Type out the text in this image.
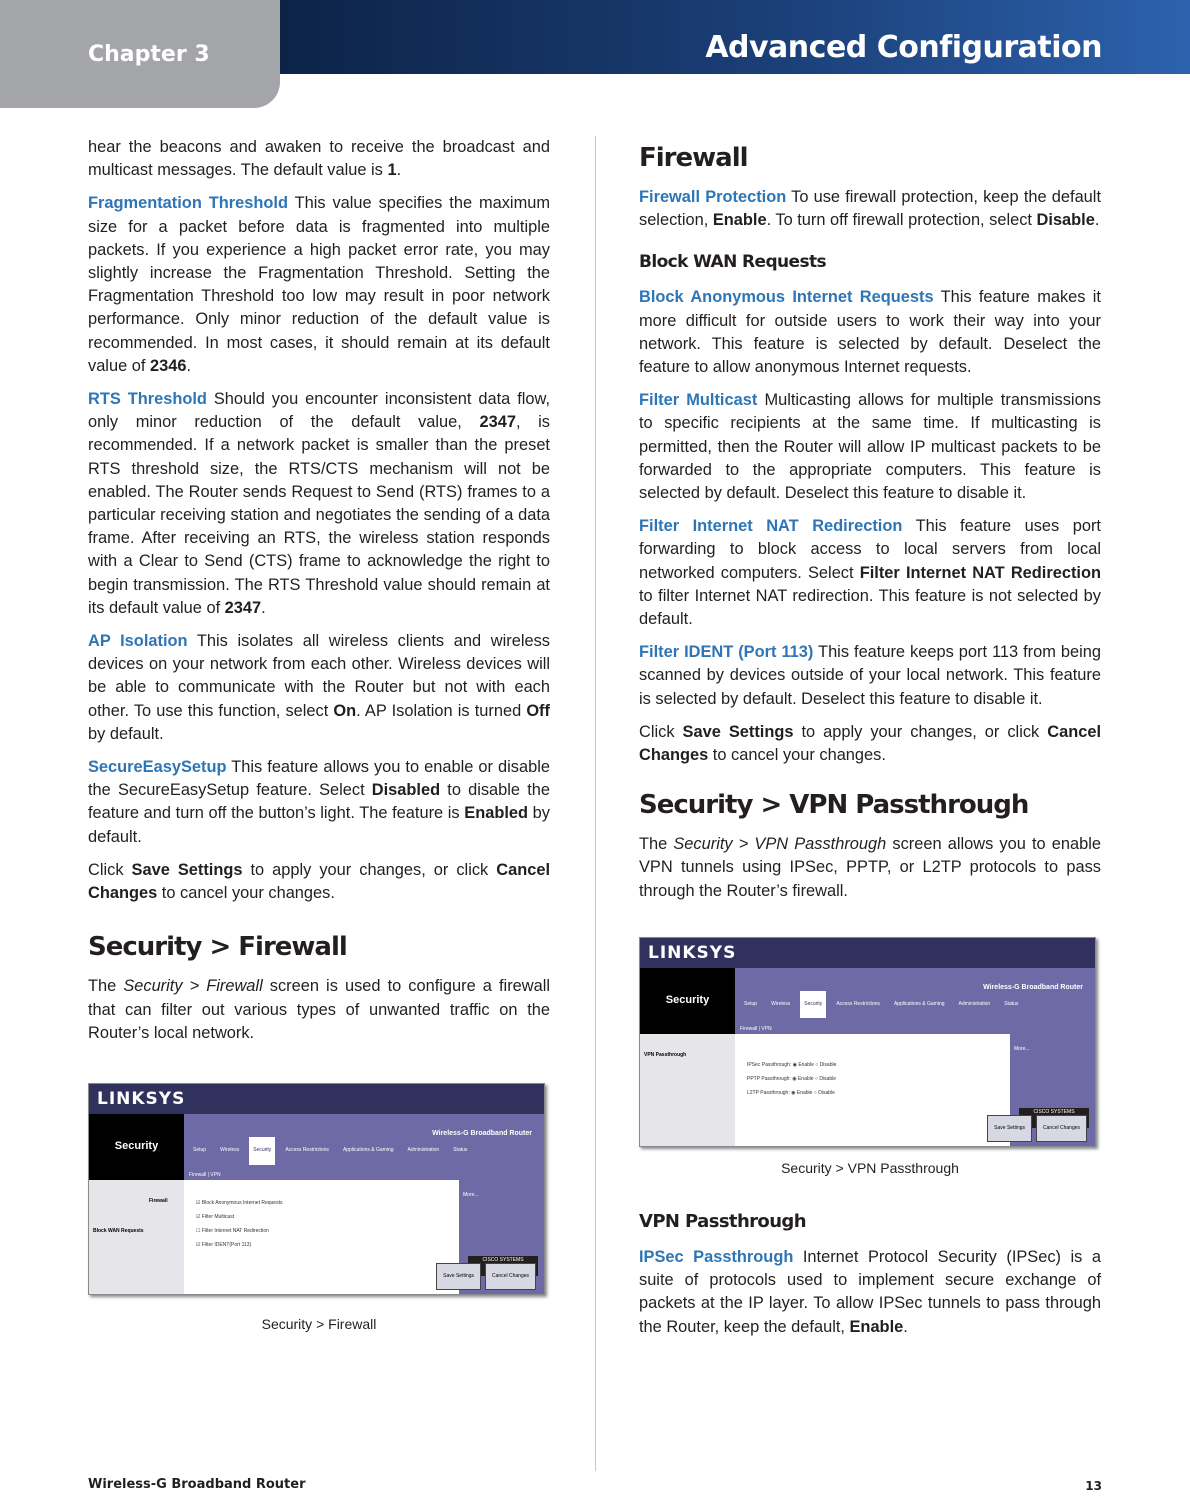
Chapter 3	Advanced Configuration

hear the beacons and awaken to receive the broadcast and multicast messages. The default value is 1.

Fragmentation Threshold This value specifies the maximum size for a packet before data is fragmented into multiple packets. If you experience a high packet error rate, you may slightly increase the Fragmentation Threshold. Setting the Fragmentation Threshold too low may result in poor network performance. Only minor reduction of the default value is recommended. In most cases, it should remain at its default value of 2346.

RTS Threshold Should you encounter inconsistent data flow, only minor reduction of the default value, 2347, is recommended. If a network packet is smaller than the preset RTS threshold size, the RTS/CTS mechanism will not be enabled. The Router sends Request to Send (RTS) frames to a particular receiving station and negotiates the sending of a data frame. After receiving an RTS, the wireless station responds with a Clear to Send (CTS) frame to acknowledge the right to begin transmission. The RTS Threshold value should remain at its default value of 2347.

AP Isolation This isolates all wireless clients and wireless devices on your network from each other. Wireless devices will be able to communicate with the Router but not with each other. To use this function, select On. AP Isolation is turned Off by default.

SecureEasySetup This feature allows you to enable or disable the SecureEasySetup feature. Select Disabled to disable the feature and turn off the button’s light. The feature is Enabled by default.

Click Save Settings to apply your changes, or click Cancel Changes to cancel your changes.

Security > Firewall

The Security > Firewall screen is used to configure a firewall that can filter out various types of unwanted traffic on the Router’s local network.

LINKSYS
Security
Wireless-G Broadband Router
Setup	Wireless	Security	Access Restrictions	Applications & Gaming	Administration	Status
Firewall | VPN
Firewall
Block WAN Requests
☑ Block Anonymous Internet Requests
☑ Filter Multicast
☐ Filter Internet NAT Redirection
☑ Filter IDENT(Port 113)
More...
CISCO SYSTEMS
Save Settings	Cancel Changes
Security > Firewall
Firewall

Firewall Protection To use firewall protection, keep the default selection, Enable. To turn off firewall protection, select Disable.

Block WAN Requests

Block Anonymous Internet Requests This feature makes it more difficult for outside users to work their way into your network. This feature is selected by default. Deselect the feature to allow anonymous Internet requests.

Filter Multicast Multicasting allows for multiple transmissions to specific recipients at the same time. If multicasting is permitted, then the Router will allow IP multicast packets to be forwarded to the appropriate computers. This feature is selected by default. Deselect this feature to disable it.

Filter Internet NAT Redirection This feature uses port forwarding to block access to local servers from local networked computers. Select Filter Internet NAT Redirection to filter Internet NAT redirection. This feature is not selected by default.

Filter IDENT (Port 113) This feature keeps port 113 from being scanned by devices outside of your local network. This feature is selected by default. Deselect this feature to disable it.

Click Save Settings to apply your changes, or click Cancel Changes to cancel your changes.

Security > VPN Passthrough

The Security > VPN Passthrough screen allows you to enable VPN tunnels using IPSec, PPTP, or L2TP protocols to pass through the Router’s firewall.

LINKSYS
Security
Wireless-G Broadband Router
Setup	Wireless	Security	Access Restrictions	Applications & Gaming	Administration	Status
Firewall | VPN
VPN Passthrough
IPSec Passthrough: ◉ Enable ○ Disable
PPTP Passthrough: ◉ Enable ○ Disable
L2TP Passthrough: ◉ Enable ○ Disable
More...
CISCO SYSTEMS
Save Settings	Cancel Changes
Security > VPN Passthrough
VPN Passthrough

IPSec Passthrough Internet Protocol Security (IPSec) is a suite of protocols used to implement secure exchange of packets at the IP layer. To allow IPSec tunnels to pass through the Router, keep the default, Enable.

Wireless-G Broadband Router	13
